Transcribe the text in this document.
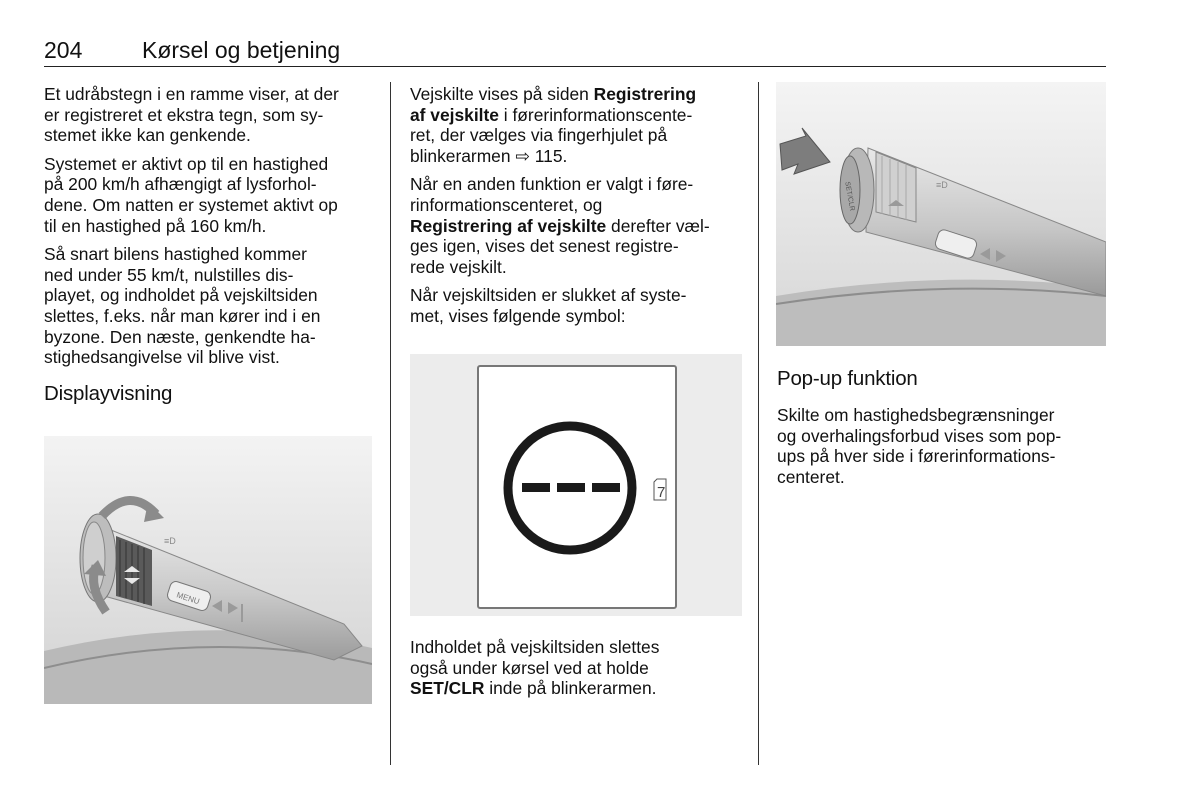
204	Kørsel og betjening

Et udråbstegn i en ramme viser, at der
er registreret et ekstra tegn, som sy-
stemet ikke kan genkende.

Systemet er aktivt op til en hastighed
på 200 km/h afhængigt af lysforhol-
dene. Om natten er systemet aktivt op
til en hastighed på 160 km/h.

Så snart bilens hastighed kommer
ned under 55 km/t, nulstilles dis-
playet, og indholdet på vejskiltsiden
slettes, f.eks. når man kører ind i en
byzone. Den næste, genkendte ha-
stighedsangivelse vil blive vist.

Displayvisning
MENU
≡D

Vejskilte vises på siden Registrering
af vejskilte i førerinformationscente-
ret, der vælges via fingerhjulet på
blinkerarmen ⇨ 115.

Når en anden funktion er valgt i føre-
rinformationscenteret, og
Registrering af vejskilte derefter væl-
ges igen, vises det senest registre-
rede vejskilt.

Når vejskiltsiden er slukket af syste-
met, vises følgende symbol:

7

Indholdet på vejskiltsiden slettes
også under kørsel ved at holde
SET/CLR inde på blinkerarmen.

SET/CLR	≡D
Pop-up funktion

Skilte om hastighedsbegrænsninger
og overhalingsforbud vises som pop-
ups på hver side i førerinformations-
centeret.
